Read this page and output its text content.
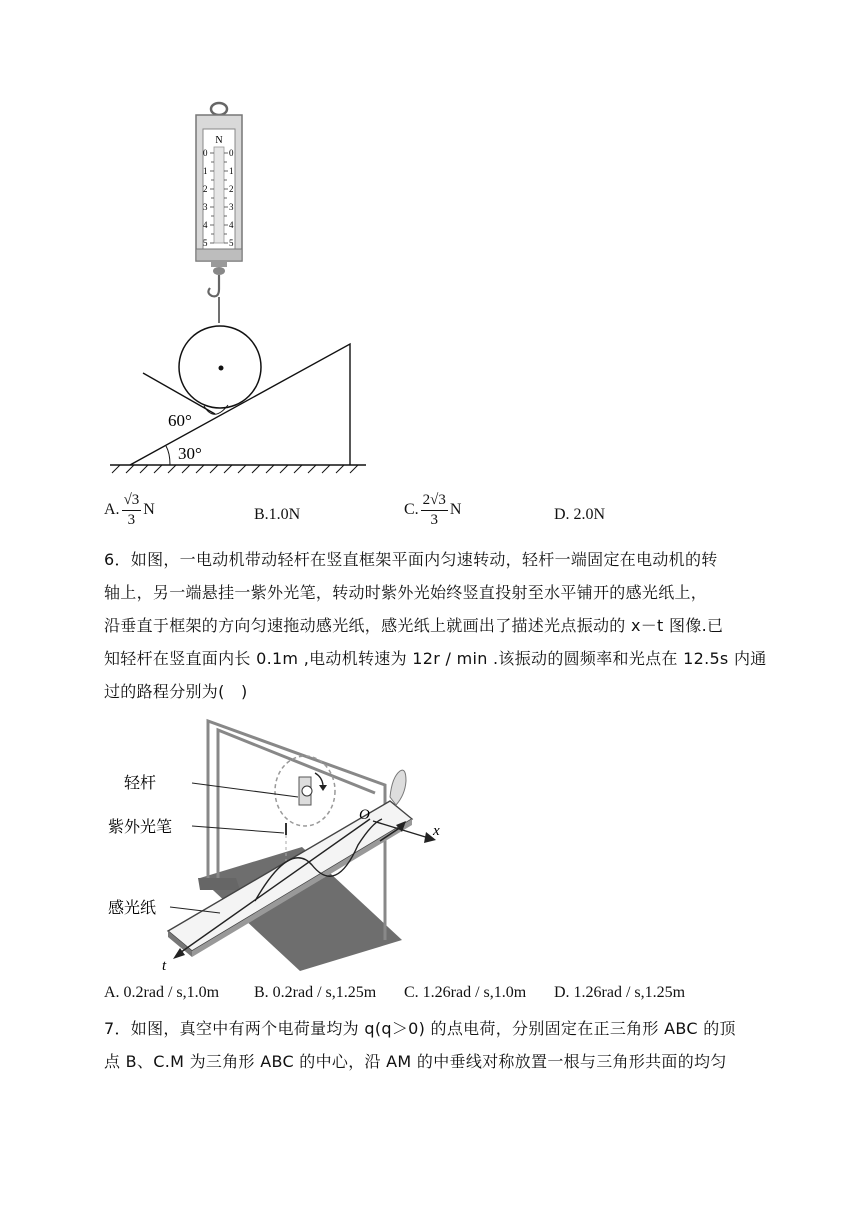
N
0
1
2
3
4
5
0
1
2
3
4
5
60°
30°
A. $\frac{√3}{3}$ N	B.1.0N	C. $\frac{2√3}{3}$ N	D. 2.0N

6．如图，一电动机带动轻杆在竖直框架平面内匀速转动，轻杆一端固定在电动机的转

轴上，另一端悬挂一紫外光笔，转动时紫外光始终竖直投射至水平铺开的感光纸上，

沿垂直于框架的方向匀速拖动感光纸，感光纸上就画出了描述光点振动的 x－t 图像.已

知轻杆在竖直面内长 0.1m ,电动机转速为 12r / min .该振动的圆频率和光点在 12.5s 内通

过的路程分别为(　)

O
x
t
轻杆
紫外光笔
感光纸
A. 0.2rad / s,1.0m B. 0.2rad / s,1.25m C. 1.26rad / s,1.0m D. 1.26rad / s,1.25m

7．如图，真空中有两个电荷量均为 q(q＞0) 的点电荷，分别固定在正三角形 ABC 的顶

点 B、C.M 为三角形 ABC 的中心，沿 AM 的中垂线对称放置一根与三角形共面的均匀
